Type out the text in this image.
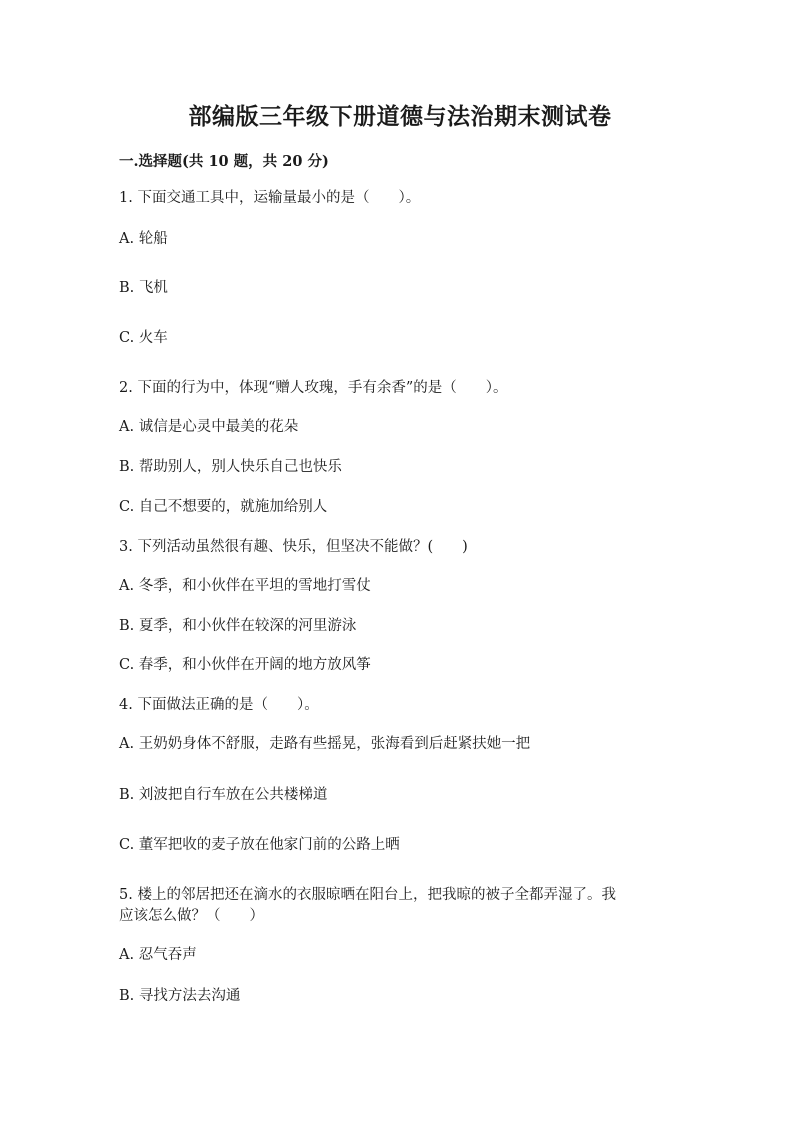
部编版三年级下册道德与法治期末测试卷
一.选择题(共 10 题，共 20 分)
1. 下面交通工具中，运输量最小的是（　　）。
A. 轮船
B. 飞机
C. 火车
2. 下面的行为中，体现“赠人玫瑰，手有余香”的是（　　）。
A. 诚信是心灵中最美的花朵
B. 帮助别人，别人快乐自己也快乐
C. 自己不想要的，就施加给别人
3. 下列活动虽然很有趣、快乐，但坚决不能做？(　　)
A. 冬季，和小伙伴在平坦的雪地打雪仗
B. 夏季，和小伙伴在较深的河里游泳
C. 春季，和小伙伴在开阔的地方放风筝
4. 下面做法正确的是（　　）。
A. 王奶奶身体不舒服，走路有些摇晃，张海看到后赶紧扶她一把
B. 刘波把自行车放在公共楼梯道
C. 董军把收的麦子放在他家门前的公路上晒
5. 楼上的邻居把还在滴水的衣服晾晒在阳台上，把我晾的被子全都弄湿了。我
应该怎么做？（　　）
A. 忍气吞声
B. 寻找方法去沟通
